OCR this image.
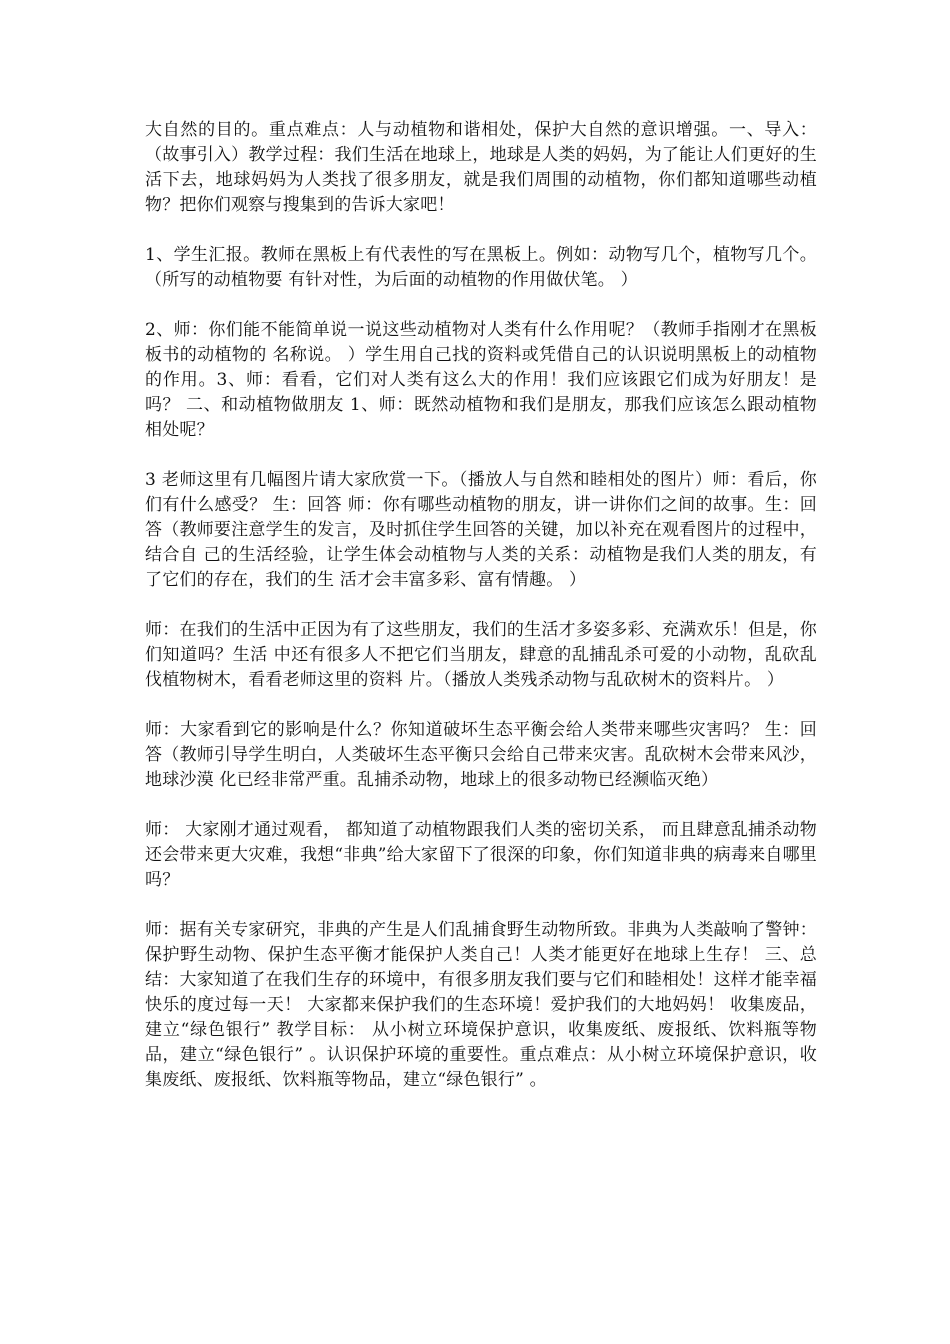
大自然的目的。重点难点：人与动植物和谐相处，保护大自然的意识增强。一、导入：（故事引入）教学过程：我们生活在地球上，地球是人类的妈妈，为了能让人们更好的生活下去，地球妈妈为人类找了很多朋友，就是我们周围的动植物，你们都知道哪些动植物？把你们观察与搜集到的告诉大家吧！

1、学生汇报。教师在黑板上有代表性的写在黑板上。例如：动物写几个，植物写几个。 （所写的动植物要 有针对性，为后面的动植物的作用做伏笔。 ）

2、师：你们能不能简单说一说这些动植物对人类有什么作用呢？（教师手指刚才在黑板板书的动植物的 名称说。 ）学生用自己找的资料或凭借自己的认识说明黑板上的动植物的作用。3、师：看看，它们对人类有这么大的作用！我们应该跟它们成为好朋友！是吗？ 二、和动植物做朋友 1、师：既然动植物和我们是朋友，那我们应该怎么跟动植物相处呢？

3 老师这里有几幅图片请大家欣赏一下。（播放人与自然和睦相处的图片）师：看后，你们有什么感受？ 生：回答 师：你有哪些动植物的朋友，讲一讲你们之间的故事。生：回答（教师要注意学生的发言，及时抓住学生回答的关键，加以补充在观看图片的过程中，结合自 己的生活经验，让学生体会动植物与人类的关系：动植物是我们人类的朋友，有了它们的存在，我们的生 活才会丰富多彩、富有情趣。 ）

师：在我们的生活中正因为有了这些朋友，我们的生活才多姿多彩、充满欢乐！但是，你们知道吗？生活 中还有很多人不把它们当朋友，肆意的乱捕乱杀可爱的小动物，乱砍乱伐植物树木，看看老师这里的资料 片。（播放人类残杀动物与乱砍树木的资料片。 ）

师：大家看到它的影响是什么？你知道破坏生态平衡会给人类带来哪些灾害吗？ 生：回答（教师引导学生明白，人类破坏生态平衡只会给自己带来灾害。乱砍树木会带来风沙，地球沙漠 化已经非常严重。乱捕杀动物，地球上的很多动物已经濒临灭绝）

师： 大家刚才通过观看， 都知道了动植物跟我们人类的密切关系， 而且肆意乱捕杀动物还会带来更大灾难，我想“非典”给大家留下了很深的印象，你们知道非典的病毒来自哪里吗？

师：据有关专家研究，非典的产生是人们乱捕食野生动物所致。非典为人类敲响了警钟：保护野生动物、保护生态平衡才能保护人类自己！人类才能更好在地球上生存！ 三、总结：大家知道了在我们生存的环境中，有很多朋友我们要与它们和睦相处！这样才能幸福快乐的度过每一天！ 大家都来保护我们的生态环境！爱护我们的大地妈妈！ 收集废品，建立“绿色银行” 教学目标： 从小树立环境保护意识，收集废纸、废报纸、饮料瓶等物品，建立“绿色银行” 。认识保护环境的重要性。重点难点：从小树立环境保护意识，收集废纸、废报纸、饮料瓶等物品，建立“绿色银行” 。
